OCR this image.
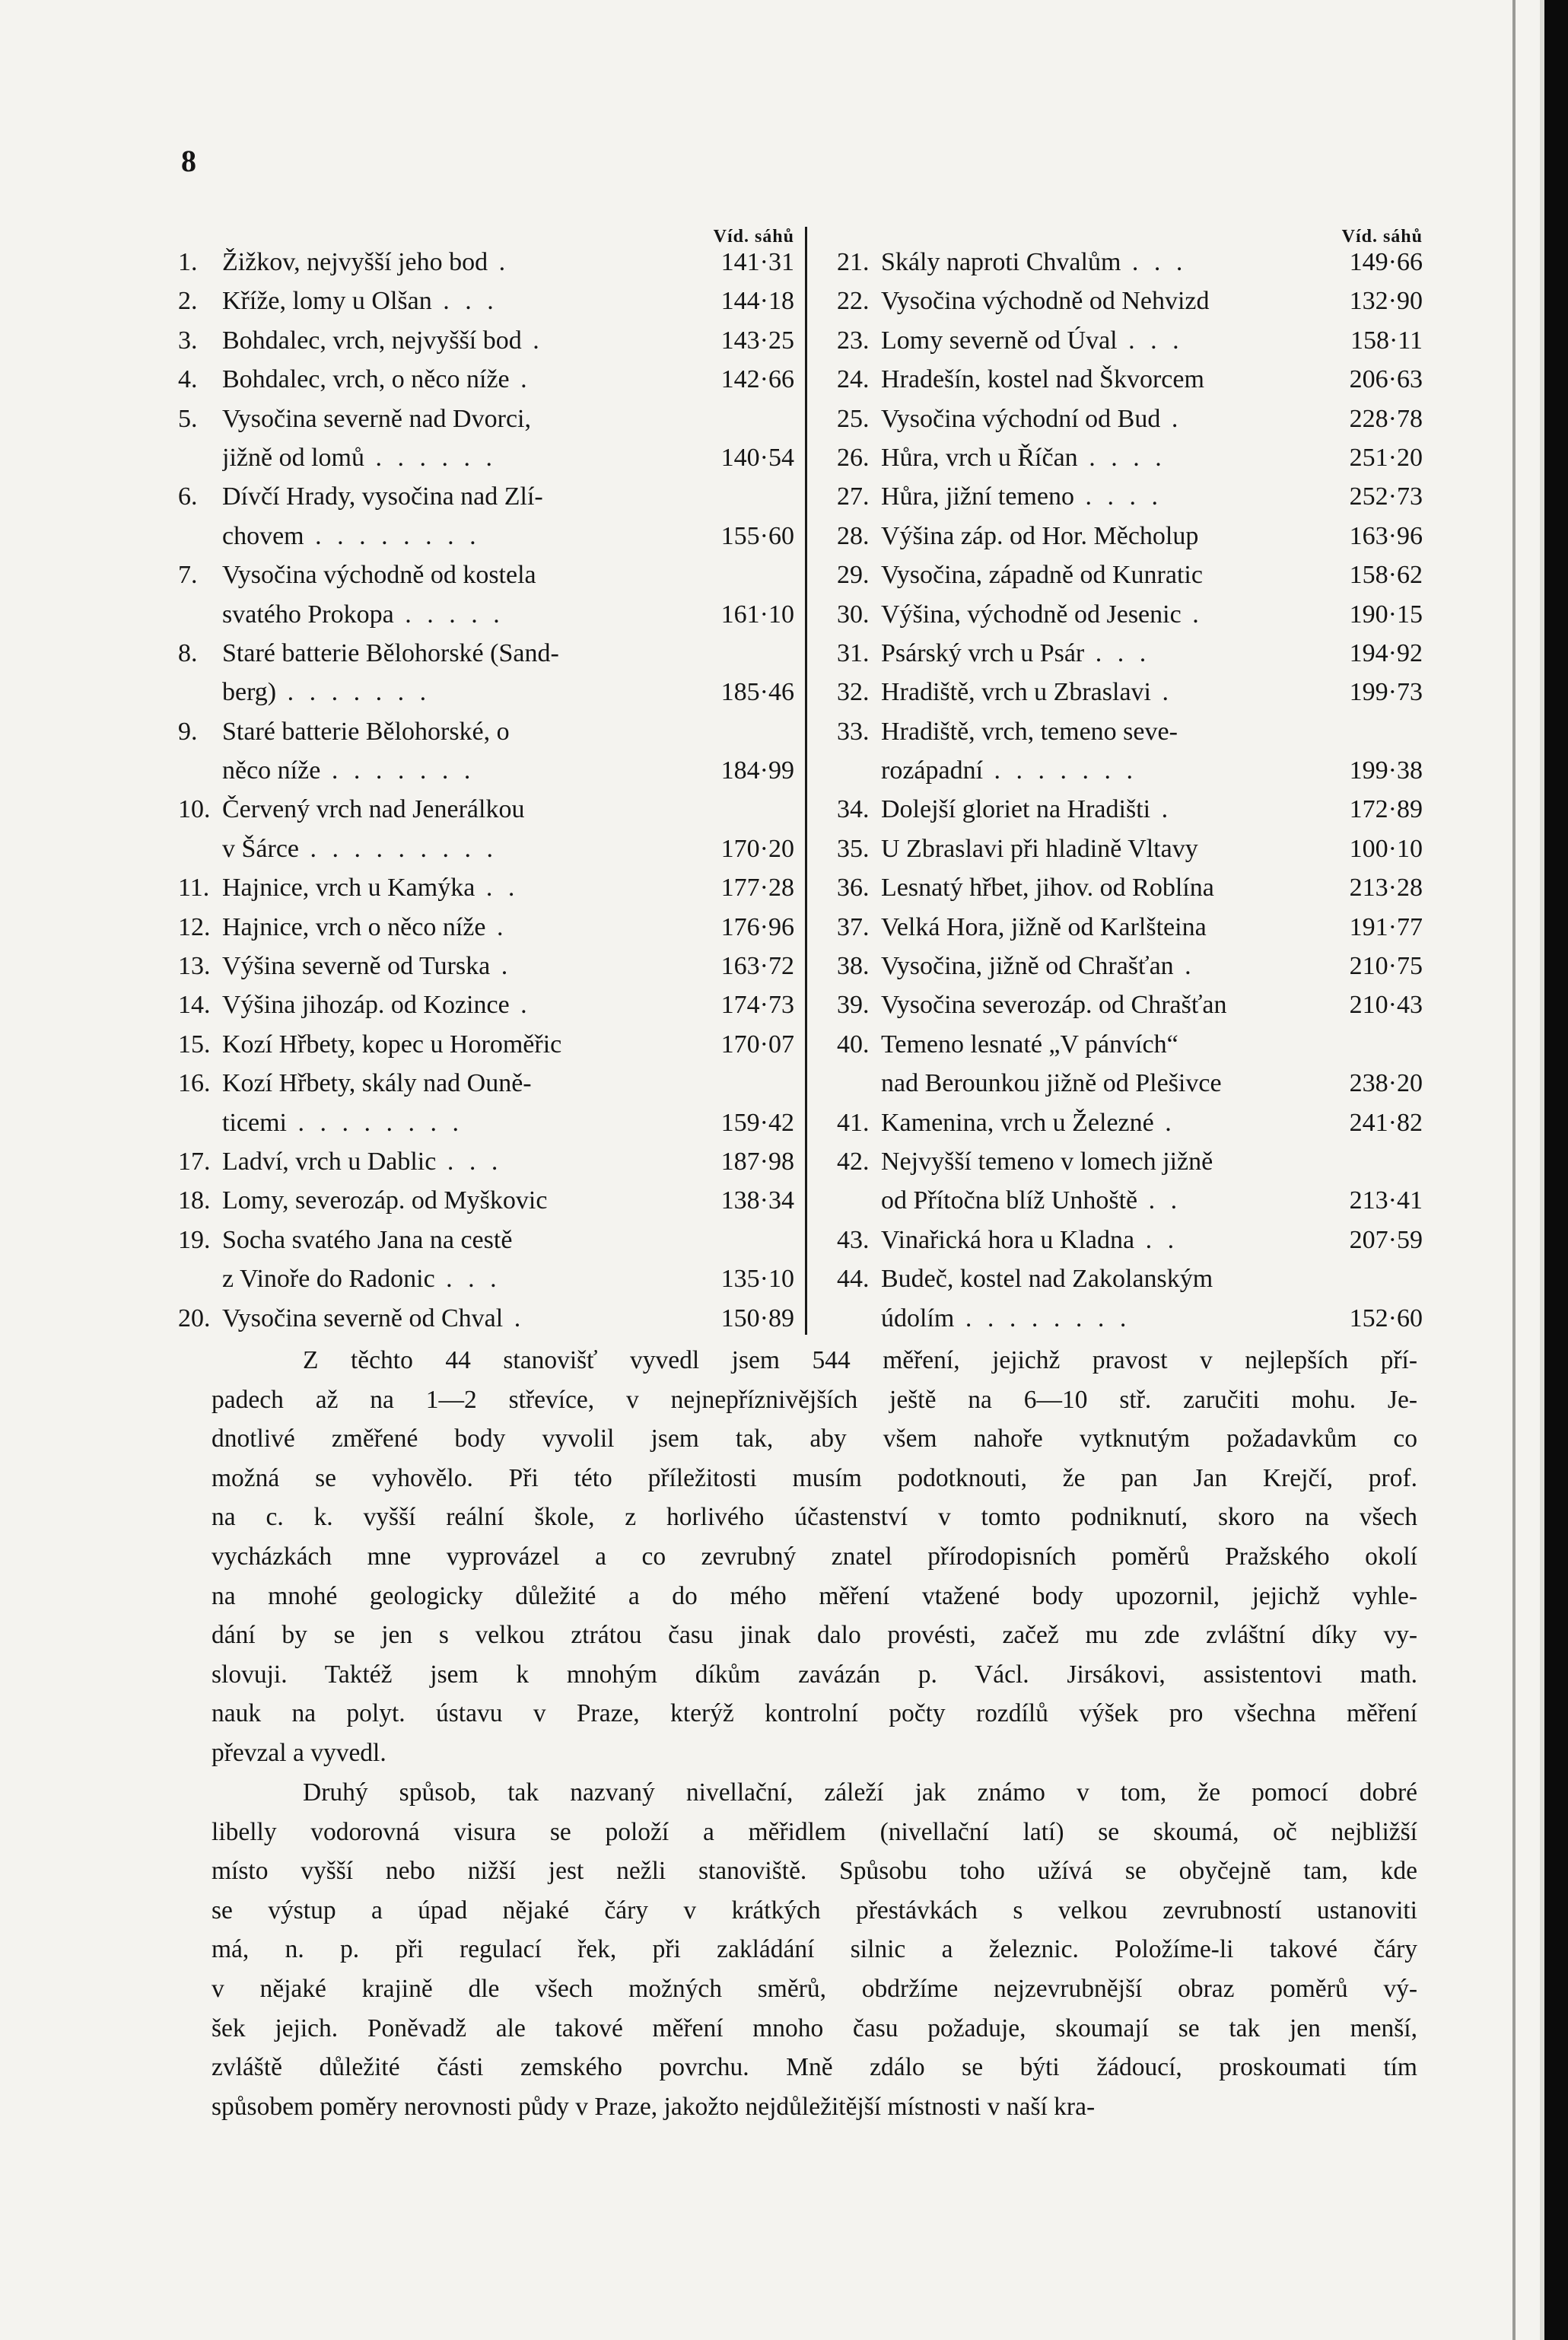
8
Víd. sáhů
1. Žižkov, nejvyšší jeho bod .	141·31
2. Kříže, lomy u Olšan . . .	144·18
3. Bohdalec, vrch, nejvyšší bod .	143·25
4. Bohdalec, vrch, o něco níže .	142·66
5. Vysočina severně nad Dvorci,
jižně od lomů . . . . . .	140·54
6. Dívčí Hrady, vysočina nad Zlí-
chovem . . . . . . . .	155·60
7. Vysočina východně od kostela
svatého Prokopa . . . . .	161·10
8. Staré batterie Bělohorské (Sand-
berg) . . . . . . .	185·46
9. Staré batterie Bělohorské, o
něco níže . . . . . . .	184·99
10. Červený vrch nad Jenerálkou
v Šárce . . . . . . . . .	170·20
11. Hajnice, vrch u Kamýka . .	177·28
12. Hajnice, vrch o něco níže .	176·96
13. Výšina severně od Turska .	163·72
14. Výšina jihozáp. od Kozince .	174·73
15. Kozí Hřbety, kopec u Horoměřic	170·07
16. Kozí Hřbety, skály nad Ouně-
ticemi . . . . . . . .	159·42
17. Ladví, vrch u Dablic . . .	187·98
18. Lomy, severozáp. od Myškovic	138·34
19. Socha svatého Jana na cestě
z Vinoře do Radonic . . .	135·10
20. Vysočina severně od Chval .	150·89
Víd. sáhů
21. Skály naproti Chvalům . . .	149·66
22. Vysočina východně od Nehvizd	132·90
23. Lomy severně od Úval . . .	158·11
24. Hradešín, kostel nad Škvorcem	206·63
25. Vysočina východní od Bud .	228·78
26. Hůra, vrch u Říčan . . . .	251·20
27. Hůra, jižní temeno . . . .	252·73
28. Výšina záp. od Hor. Měcholup	163·96
29. Vysočina, západně od Kunratic	158·62
30. Výšina, východně od Jesenic .	190·15
31. Psárský vrch u Psár . . .	194·92
32. Hradiště, vrch u Zbraslavi .	199·73
33. Hradiště, vrch, temeno seve-
rozápadní . . . . . . .	199·38
34. Dolejší gloriet na Hradišti .	172·89
35. U Zbraslavi při hladině Vltavy	100·10
36. Lesnatý hřbet, jihov. od Roblína	213·28
37. Velká Hora, jižně od Karlšteina	191·77
38. Vysočina, jižně od Chrašťan .	210·75
39. Vysočina severozáp. od Chrašťan	210·43
40. Temeno lesnaté „V pánvích“
nad Berounkou jižně od Plešivce	238·20
41. Kamenina, vrch u Železné .	241·82
42. Nejvyšší temeno v lomech jižně
od Přítočna blíž Unhoště . .	213·41
43. Vinařická hora u Kladna . .	207·59
44. Budeč, kostel nad Zakolanským
údolím . . . . . . . .	152·60
Z těchto 44 stanovišť vyvedl jsem 544 měření, jejichž pravost v nejlepších pří-
padech až na 1—2 střevíce, v nejnepříznivějších ještě na 6—10 stř. zaručiti mohu. Je-
dnotlivé změřené body vyvolil jsem tak, aby všem nahoře vytknutým požadavkům co
možná se vyhovělo. Při této příležitosti musím podotknouti, že pan Jan Krejčí, prof.
na c. k. vyšší reální škole, z horlivého účastenství v tomto podniknutí, skoro na všech
vycházkách mne vyprovázel a co zevrubný znatel přírodopisních poměrů Pražského okolí
na mnohé geologicky důležité a do mého měření vtažené body upozornil, jejichž vyhle-
dání by se jen s velkou ztrátou času jinak dalo provésti, začež mu zde zvláštní díky vy-
slovuji. Taktéž jsem k mnohým díkům zavázán p. Václ. Jirsákovi, assistentovi math.
nauk na polyt. ústavu v Praze, kterýž kontrolní počty rozdílů výšek pro všechna měření
převzal a vyvedl.
Druhý spůsob, tak nazvaný nivellační, záleží jak známo v tom, že pomocí dobré
libelly vodorovná visura se položí a měřidlem (nivellační latí) se skoumá, oč nejbližší
místo vyšší nebo nižší jest nežli stanoviště. Spůsobu toho užívá se obyčejně tam, kde
se výstup a úpad nějaké čáry v krátkých přestávkách s velkou zevrubností ustanoviti
má, n. p. při regulací řek, při zakládání silnic a železnic. Položíme-li takové čáry
v nějaké krajině dle všech možných směrů, obdržíme nejzevrubnější obraz poměrů vý-
šek jejich. Poněvadž ale takové měření mnoho času požaduje, skoumají se tak jen menší,
zvláště důležité části zemského povrchu. Mně zdálo se býti žádoucí, proskoumati tím
spůsobem poměry nerovnosti půdy v Praze, jakožto nejdůležitější místnosti v naší kra-
